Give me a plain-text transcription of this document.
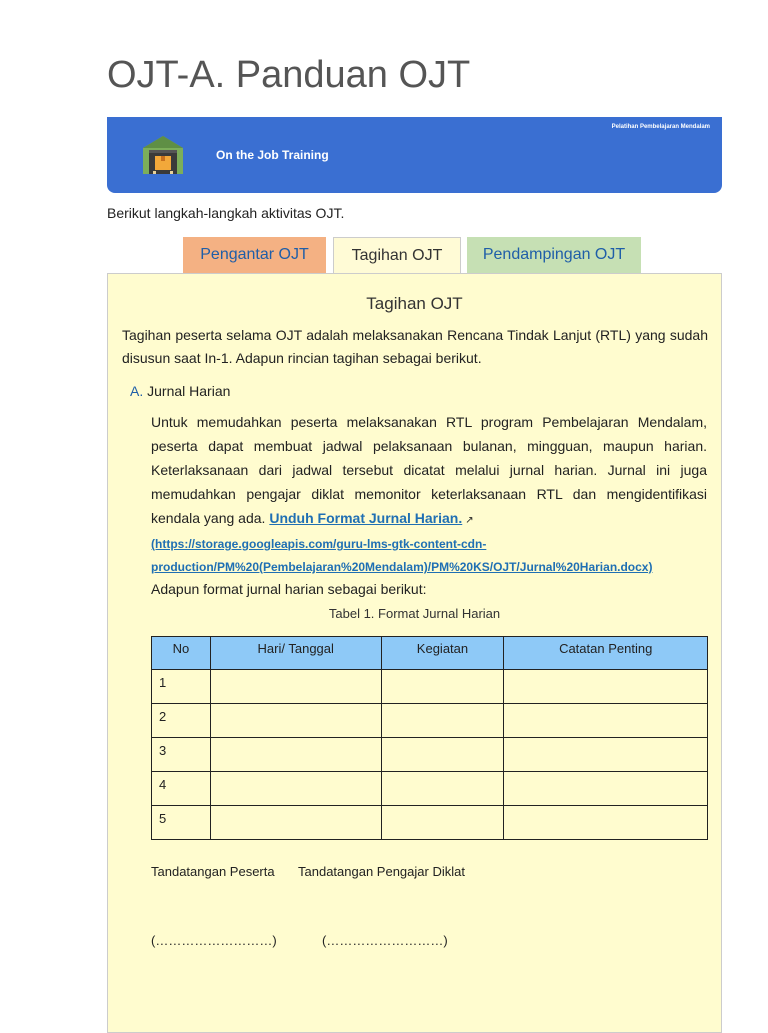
OJT-A. Panduan OJT
On the Job Training
Pelatihan Pembelajaran Mendalam

Berikut langkah-langkah aktivitas OJT.

Pengantar OJT	Tagihan OJT	Pendampingan OJT
Tagihan OJT
Tagihan peserta selama OJT adalah melaksanakan Rencana Tindak Lanjut (RTL) yang sudah disusun saat In-1. Adapun rincian tagihan sebagai berikut.
A. Jurnal Harian
Untuk memudahkan peserta melaksanakan RTL program Pembelajaran Mendalam, peserta dapat membuat jadwal pelaksanaan bulanan, mingguan, maupun harian. Keterlaksanaan dari jadwal tersebut dicatat melalui jurnal harian. Jurnal ini juga memudahkan pengajar diklat memonitor keterlaksanaan RTL dan mengidentifikasi kendala yang ada. Unduh Format Jurnal Harian. ↗
(https://storage.googleapis.com/guru-lms-gtk-content-cdn-production/PM%20(Pembelajaran%20Mendalam)/PM%20KS/OJT/Jurnal%20Harian.docx)
Adapun format jurnal harian sebagai berikut:
Tabel 1. Format Jurnal Harian
No	Hari/ Tanggal	Kegiatan	Catatan Penting
1			
2			
3			
4			
5			
Tandatangan Peserta Tandatangan Pengajar Diklat
(………………………)	(………………………)
